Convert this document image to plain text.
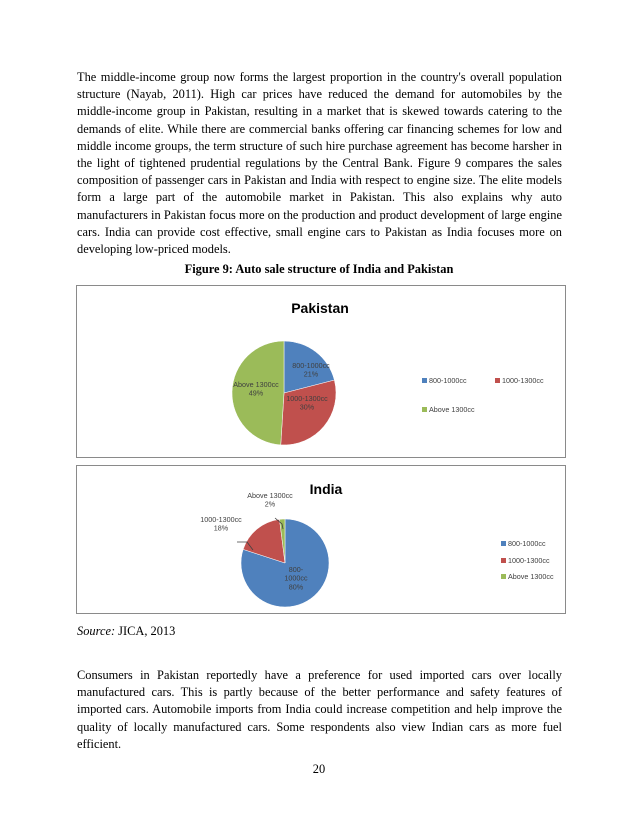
The middle-income group now forms the largest proportion in the country's overall population structure (Nayab, 2011). High car prices have reduced the demand for automobiles by the middle-income group in Pakistan, resulting in a market that is skewed towards catering to the demands of elite. While there are commercial banks offering car financing schemes for low and middle income groups, the term structure of such hire purchase agreement has become harsher in the light of tightened prudential regulations by the Central Bank. Figure 9 compares the sales composition of passenger cars in Pakistan and India with respect to engine size. The elite models form a large part of the automobile market in Pakistan. This also explains why auto manufacturers in Pakistan focus more on the production and product development of large engine cars. India can provide cost effective, small engine cars to Pakistan as India focuses more on developing low-priced models.

Figure 9: Auto sale structure of India and Pakistan
Pakistan
800-1000cc 21%
1000-1300cc 30%
Above 1300cc 49%
800-1000cc	1000-1300cc
Above 1300cc
India
800-1000cc 80%
1000-1300cc 18%
Above 1300cc 2%
800-1000cc
1000-1300cc
Above 1300cc
Source: JICA, 2013

Consumers in Pakistan reportedly have a preference for used imported cars over locally manufactured cars. This is partly because of the better performance and safety features of imported cars. Automobile imports from India could increase competition and help improve the quality of locally manufactured cars. Some respondents also view Indian cars as more fuel efficient.

20
